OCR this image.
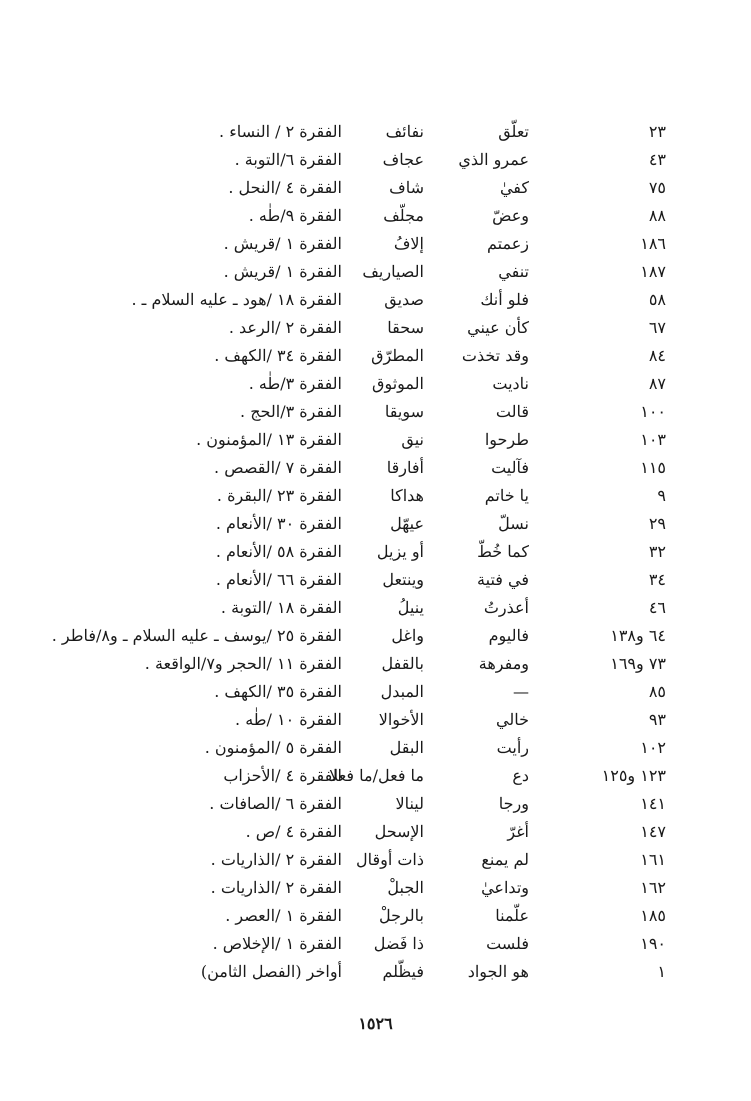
٢٣
تعلّق
نفائف
الفقرة ٢ / النساء .
٤٣
عمرو الذي
عجاف
الفقرة ٦/التوبة .
٧٥
كفيٰ
شاف
الفقرة ٤ /النحل .
٨٨
وعضّ
مجلّف
الفقرة ٩/طٰه .
١٨٦
زعمتم
إلافُ
الفقرة ١ /قريش .
١٨٧
تنفي
الصياريف
الفقرة ١ /قريش .
٥٨
فلو أنك
صديق
الفقرة ١٨ /هود ـ عليه السلام ـ .
٦٧
كأن عيني
سحقا
الفقرة ٢ /الرعد .
٨٤
وقد تخذت
المطرّق
الفقرة ٣٤ /الكهف .
٨٧
ناديت
الموثوق
الفقرة ٣/طٰه .
١٠٠
قالت
سويقا
الفقرة ٣/الحج .
١٠٣
طرحوا
نيق
الفقرة ١٣ /المؤمنون .
١١٥
فآليت
أفارقا
الفقرة ٧ /القصص .
٩
يا خاتم
هداكا
الفقرة ٢٣ /البقرة .
٢٩
نسلّ
عيهّل
الفقرة ٣٠ /الأنعام .
٣٢
كما خُطّ
أو يزيل
الفقرة ٥٨ /الأنعام .
٣٤
في فتية
وينتعل
الفقرة ٦٦ /الأنعام .
٤٦
أعذرتُ
ينيلُ
الفقرة ١٨ /التوبة .
٦٤ و١٣٨
فاليوم
واغل
الفقرة ٢٥ /يوسف ـ عليه السلام ـ و٨/فاطر .
٧٣ و١٦٩
ومفرهة
بالقفل
الفقرة ١١ /الحجر و٧/الواقعة .
٨٥
—
المبدل
الفقرة ٣٥ /الكهف .
٩٣
خالي
الأخوالا
الفقرة ١٠ /طٰه .
١٠٢
رأيت
البقل
الفقرة ٥ /المؤمنون .
١٢٣ و١٢٥
دع
ما فعل/ما فعلا
الفقرة ٤ /الأحزاب
١٤١
ورجا
لينالا
الفقرة ٦ /الصافات .
١٤٧
أغرّ
الإسحل
الفقرة ٤ /ص .
١٦١
لم يمنع
ذات أوقال
الفقرة ٢ /الذاريات .
١٦٢
وتداعيٰ
الجبلْ
الفقرة ٢ /الذاريات .
١٨٥
علّمنا
بالرجلْ
الفقرة ١ /العصر .
١٩٠
فلست
ذا فَضل
الفقرة ١ /الإخلاص .
١
هو الجواد
فيظّلم
أواخر (الفصل الثامن)
١٥٢٦
